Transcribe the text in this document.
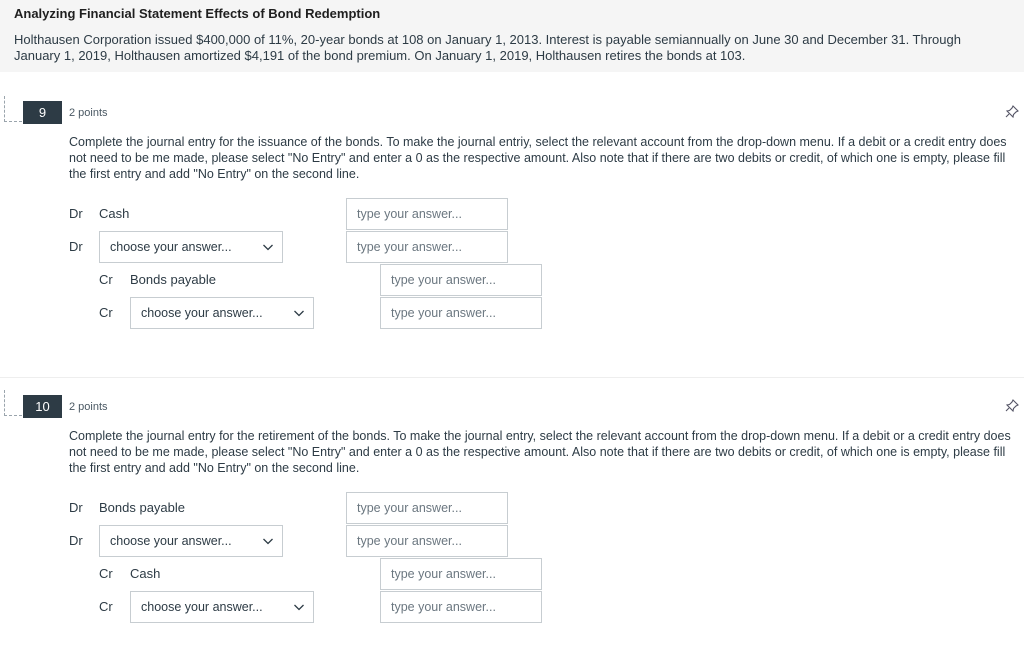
Analyzing Financial Statement Effects of Bond Redemption
Holthausen Corporation issued $400,000 of 11%, 20-year bonds at 108 on January 1, 2013. Interest is payable semiannually on June 30 and December 31. Through January 1, 2019, Holthausen amortized $4,191 of the bond premium. On January 1, 2019, Holthausen retires the bonds at 103.
9	2 points
Complete the journal entry for the issuance of the bonds. To make the journal entriy, select the relevant account from the drop-down menu. If a debit or a credit entry does not need to be me made, please select "No Entry" and enter a 0 as the respective amount. Also note that if there are two debits or credit, of which one is empty, please fill the first entry and add "No Entry" on the second line.
Dr Cash	type your answer...
Dr	choose your answer...	type your answer...
Cr Bonds payable	type your answer...
Cr	choose your answer...	type your answer...
10	2 points
Complete the journal entry for the retirement of the bonds. To make the journal entry, select the relevant account from the drop-down menu. If a debit or a credit entry does not need to be me made, please select "No Entry" and enter a 0 as the respective amount. Also note that if there are two debits or credit, of which one is empty, please fill the first entry and add "No Entry" on the second line.
Dr Bonds payable	type your answer...
Dr	choose your answer...	type your answer...
Cr Cash	type your answer...
Cr	choose your answer...	type your answer...
